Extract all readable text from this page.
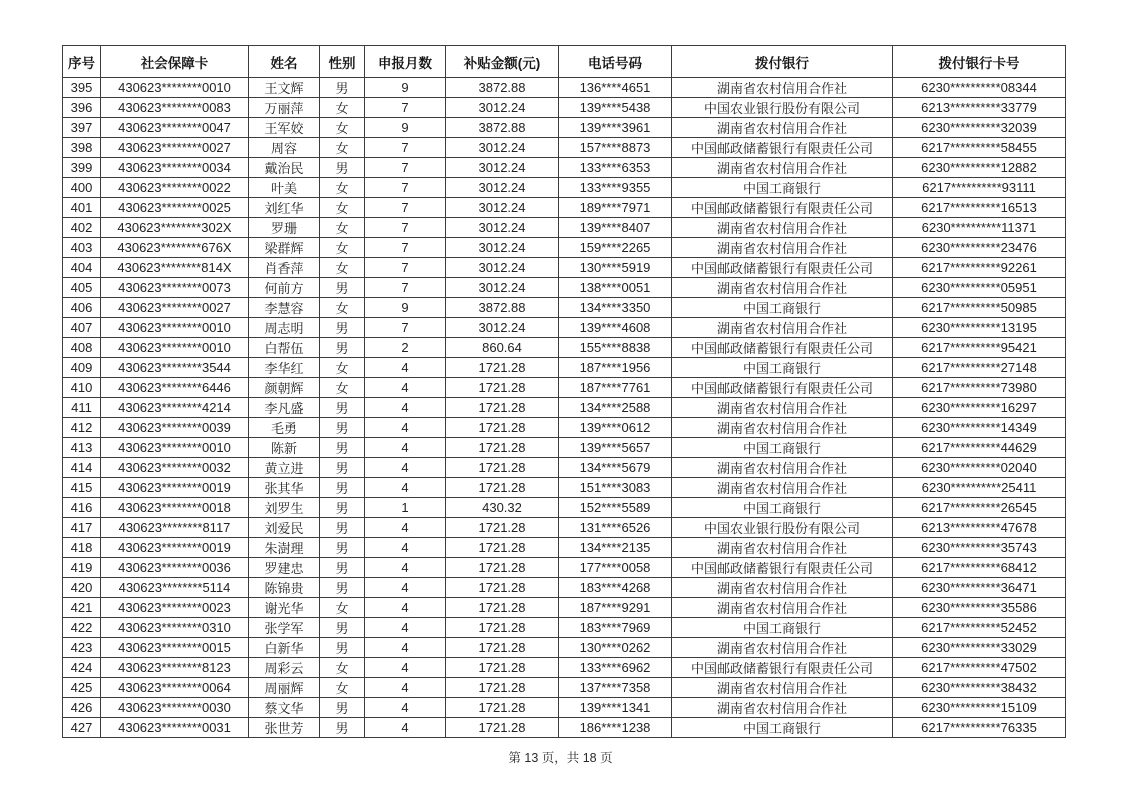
序号	社会保障卡	姓名	性别	申报月数	补贴金额(元)	电话号码	拨付银行	拨付银行卡号
395	430623********0010	王文辉	男	9	3872.88	136****4651	湖南省农村信用合作社	6230**********08344
396	430623********0083	万丽萍	女	7	3012.24	139****5438	中国农业银行股份有限公司	6213**********33779
397	430623********0047	王军姣	女	9	3872.88	139****3961	湖南省农村信用合作社	6230**********32039
398	430623********0027	周容	女	7	3012.24	157****8873	中国邮政储蓄银行有限责任公司	6217**********58455
399	430623********0034	戴治民	男	7	3012.24	133****6353	湖南省农村信用合作社	6230**********12882
400	430623********0022	叶美	女	7	3012.24	133****9355	中国工商银行	6217**********93111
401	430623********0025	刘红华	女	7	3012.24	189****7971	中国邮政储蓄银行有限责任公司	6217**********16513
402	430623********302X	罗珊	女	7	3012.24	139****8407	湖南省农村信用合作社	6230**********11371
403	430623********676X	梁群辉	女	7	3012.24	159****2265	湖南省农村信用合作社	6230**********23476
404	430623********814X	肖香萍	女	7	3012.24	130****5919	中国邮政储蓄银行有限责任公司	6217**********92261
405	430623********0073	何前方	男	7	3012.24	138****0051	湖南省农村信用合作社	6230**********05951
406	430623********0027	李慧容	女	9	3872.88	134****3350	中国工商银行	6217**********50985
407	430623********0010	周志明	男	7	3012.24	139****4608	湖南省农村信用合作社	6230**********13195
408	430623********0010	白帮伍	男	2	860.64	155****8838	中国邮政储蓄银行有限责任公司	6217**********95421
409	430623********3544	李华红	女	4	1721.28	187****1956	中国工商银行	6217**********27148
410	430623********6446	颜朝辉	女	4	1721.28	187****7761	中国邮政储蓄银行有限责任公司	6217**********73980
411	430623********4214	李凡盛	男	4	1721.28	134****2588	湖南省农村信用合作社	6230**********16297
412	430623********0039	毛勇	男	4	1721.28	139****0612	湖南省农村信用合作社	6230**********14349
413	430623********0010	陈新	男	4	1721.28	139****5657	中国工商银行	6217**********44629
414	430623********0032	黄立进	男	4	1721.28	134****5679	湖南省农村信用合作社	6230**********02040
415	430623********0019	张其华	男	4	1721.28	151****3083	湖南省农村信用合作社	6230**********25411
416	430623********0018	刘罗生	男	1	430.32	152****5589	中国工商银行	6217**********26545
417	430623********8117	刘爱民	男	4	1721.28	131****6526	中国农业银行股份有限公司	6213**********47678
418	430623********0019	朱澍理	男	4	1721.28	134****2135	湖南省农村信用合作社	6230**********35743
419	430623********0036	罗建忠	男	4	1721.28	177****0058	中国邮政储蓄银行有限责任公司	6217**********68412
420	430623********5114	陈锦贵	男	4	1721.28	183****4268	湖南省农村信用合作社	6230**********36471
421	430623********0023	谢光华	女	4	1721.28	187****9291	湖南省农村信用合作社	6230**********35586
422	430623********0310	张学军	男	4	1721.28	183****7969	中国工商银行	6217**********52452
423	430623********0015	白新华	男	4	1721.28	130****0262	湖南省农村信用合作社	6230**********33029
424	430623********8123	周彩云	女	4	1721.28	133****6962	中国邮政储蓄银行有限责任公司	6217**********47502
425	430623********0064	周丽辉	女	4	1721.28	137****7358	湖南省农村信用合作社	6230**********38432
426	430623********0030	蔡文华	男	4	1721.28	139****1341	湖南省农村信用合作社	6230**********15109
427	430623********0031	张世芳	男	4	1721.28	186****1238	中国工商银行	6217**********76335
第 13 页，共 18 页
